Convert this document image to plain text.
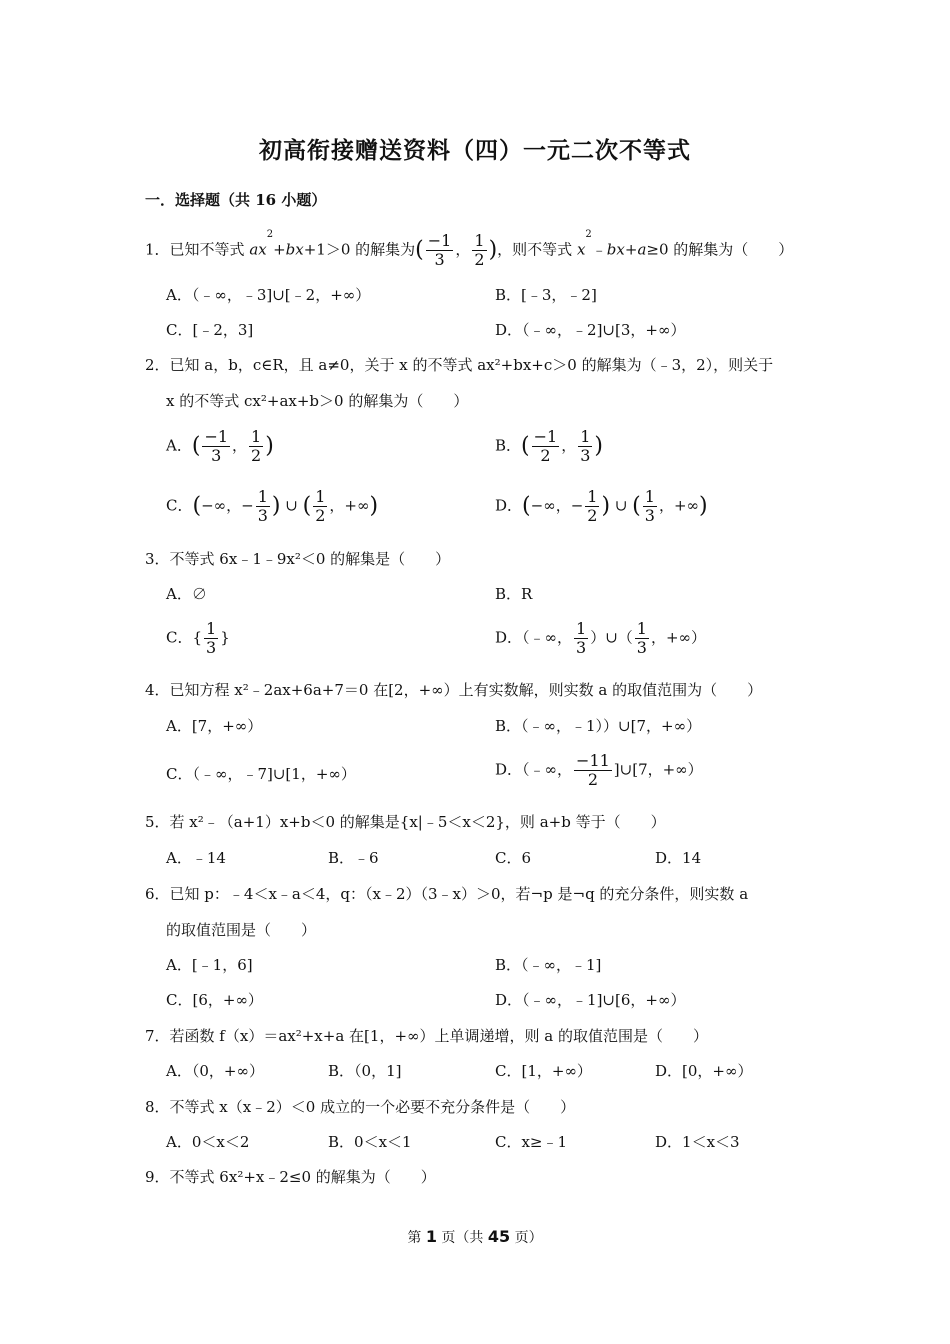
初高衔接赠送资料（四）一元二次不等式
一．选择题（共 16 小题）
1．已知不等式 $ax^2+bx+1>0$ 的解集为( $\frac{-1}{3}$ ， $\frac{1}{2}$ )，则不等式 $x^2﹣bx+a\ge 0$ 的解集为（　　）
A．（﹣∞，﹣3]∪[﹣2，+∞）	B．[﹣3，﹣2]
C．[﹣2，3]	D．（﹣∞，﹣2]∪[3，+∞）
2．已知 a，b，c∈R，且 a≠0，关于 x 的不等式 ax²+bx+c＞0 的解集为（﹣3，2），则关于
x 的不等式 cx²+ax+b＞0 的解集为（　　）
A．( $\frac{-1}{3}$ ， $\frac{1}{2}$ )	B．( $\frac{-1}{2}$ ， $\frac{1}{3}$ )
C．(−∞，− $\frac{1}{3}$ ) ∪ ( $\frac{1}{2}$ ，+∞)	D．(−∞，− $\frac{1}{2}$ ) ∪ ( $\frac{1}{3}$ ，+∞)
3．不等式 6x﹣1﹣9x²＜0 的解集是（　　）
A．∅	B．R
C．{ $\frac{1}{3}$ }	D．（﹣∞， $\frac{1}{3}$ ）∪（ $\frac{1}{3}$ ，+∞）
4．已知方程 x²﹣2ax+6a+7＝0 在[2，+∞）上有实数解，则实数 a 的取值范围为（　　）
A．[7，+∞）	B．（﹣∞，﹣1））∪[7，+∞）
C．（﹣∞，﹣7]∪[1，+∞）	D．（﹣∞， $\frac{-11}{2}$ ]∪[7，+∞）
5．若 x²﹣（a+1）x+b＜0 的解集是{x|﹣5＜x＜2}，则 a+b 等于（　　）
A．﹣14	B．﹣6	C．6	D．14
6．已知 p：﹣4＜x﹣a＜4，q：（x﹣2）（3﹣x）＞0，若¬p 是¬q 的充分条件，则实数 a
的取值范围是（　　）
A．[﹣1，6]	B．（﹣∞，﹣1]
C．[6，+∞）	D．（﹣∞，﹣1]∪[6，+∞）
7．若函数 f（x）＝ax²+x+a 在[1，+∞）上单调递增，则 a 的取值范围是（　　）
A．（0，+∞）	B．（0，1]	C．[1，+∞）	D．[0，+∞）
8．不等式 x（x﹣2）＜0 成立的一个必要不充分条件是（　　）
A．0＜x＜2	B．0＜x＜1	C．x≥﹣1	D．1＜x＜3
9．不等式 6x²+x﹣2≤0 的解集为（　　）
第 1 页（共 45 页）
